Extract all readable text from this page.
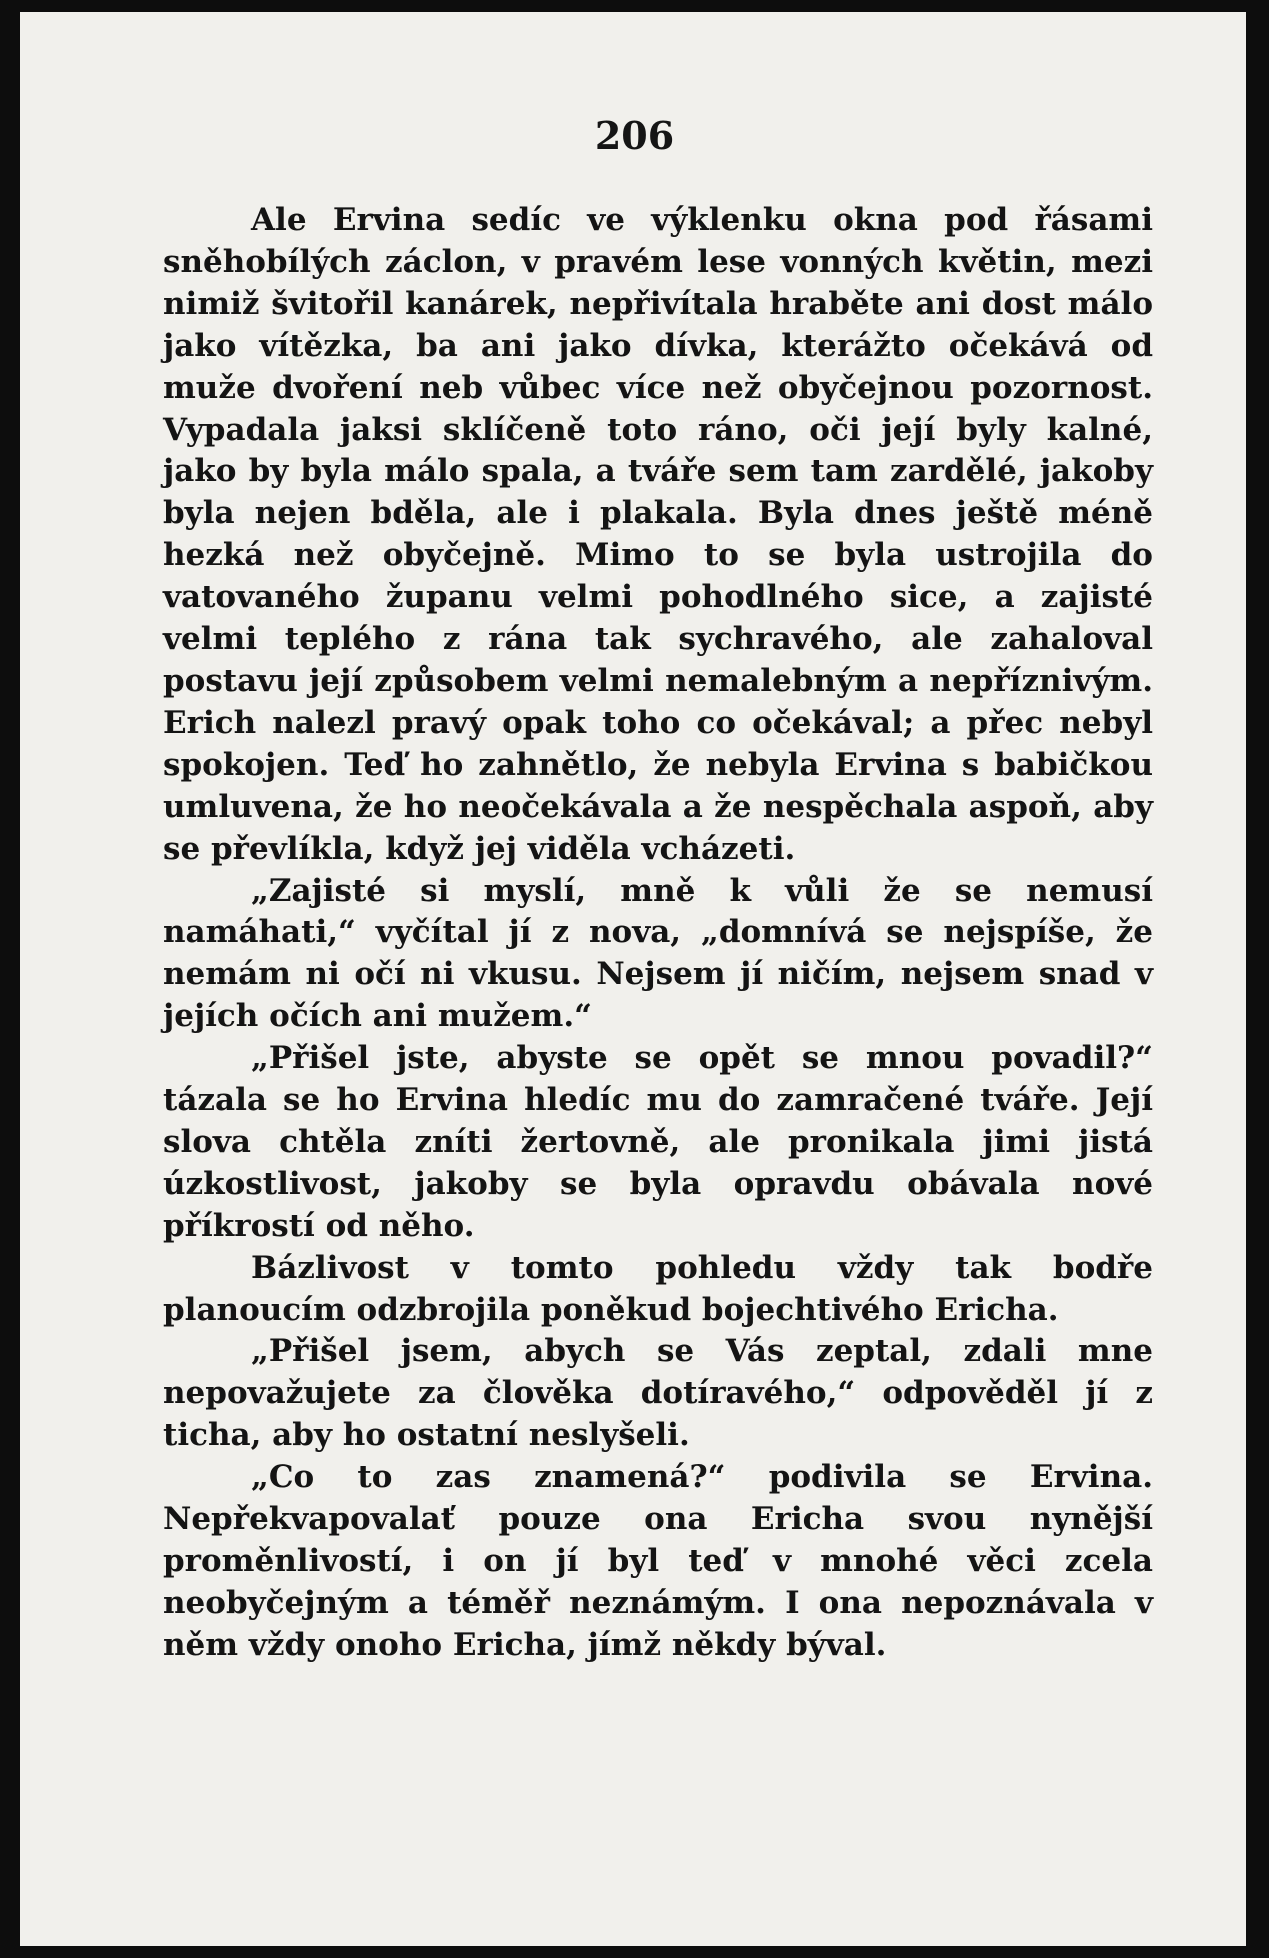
206

Ale Ervina sedíc ve výklenku okna pod řásami sněhobílých záclon, v pravém lese vonných květin, mezi nimiž švitořil kanárek, nepřivítala hraběte ani dost málo jako vítězka, ba ani jako dívka, kterážto očekává od muže dvoření neb vůbec více než obyčejnou pozornost. Vypadala jaksi sklíčeně toto ráno, oči její byly kalné, jako by byla málo spala, a tváře sem tam zardělé, jakoby byla nejen bděla, ale i plakala. Byla dnes ještě méně hezká než obyčejně. Mimo to se byla ustrojila do vatovaného županu velmi pohodlného sice, a zajisté velmi teplého z rána tak sychravého, ale zahaloval postavu její způsobem velmi nemalebným a nepříznivým. Erich nalezl pravý opak toho co očekával; a přec nebyl spokojen. Teď ho zahnětlo, že nebyla Ervina s babičkou umluvena, že ho neočekávala a že nespěchala aspoň, aby se převlíkla, když jej viděla vcházeti.

„Zajisté si myslí, mně k vůli že se nemusí namáhati,“ vyčítal jí z nova, „domnívá se nejspíše, že nemám ni očí ni vkusu. Nejsem jí ničím, nejsem snad v jejích očích ani mužem.“

„Přišel jste, abyste se opět se mnou povadil?“ tázala se ho Ervina hledíc mu do zamračené tváře. Její slova chtěla zníti žertovně, ale pronikala jimi jistá úzkostlivost, jakoby se byla opravdu obávala nové příkrostí od něho.

Bázlivost v tomto pohledu vždy tak bodře planoucím odzbrojila poněkud bojechtivého Ericha.

„Přišel jsem, abych se Vás zeptal, zdali mne nepovažujete za člověka dotíravého,“ odpověděl jí z ticha, aby ho ostatní neslyšeli.

„Co to zas znamená?“ podivila se Ervina. Nepřekvapovalať pouze ona Ericha svou nynější proměnlivostí, i on jí byl teď v mnohé věci zcela neobyčejným a téměř neznámým. I ona nepoznávala v něm vždy onoho Ericha, jímž někdy býval.
